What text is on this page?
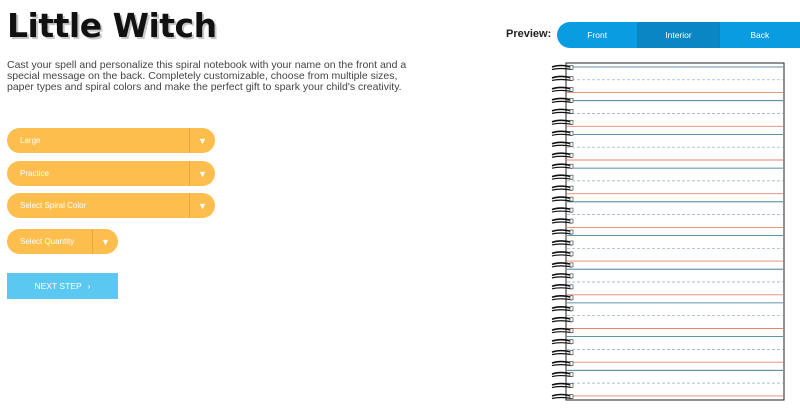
Little Witch

Cast your spell and personalize this spiral notebook with your name on the front and a special message on the back. Completely customizable, choose from multiple sizes, paper types and spiral colors and make the perfect gift to spark your child's creativity.

Large	▼
Practice	▼
Select Spiral Color	▼
Select Quantity	▼
NEXT STEP ›
Preview:	Front	Interior	Back
